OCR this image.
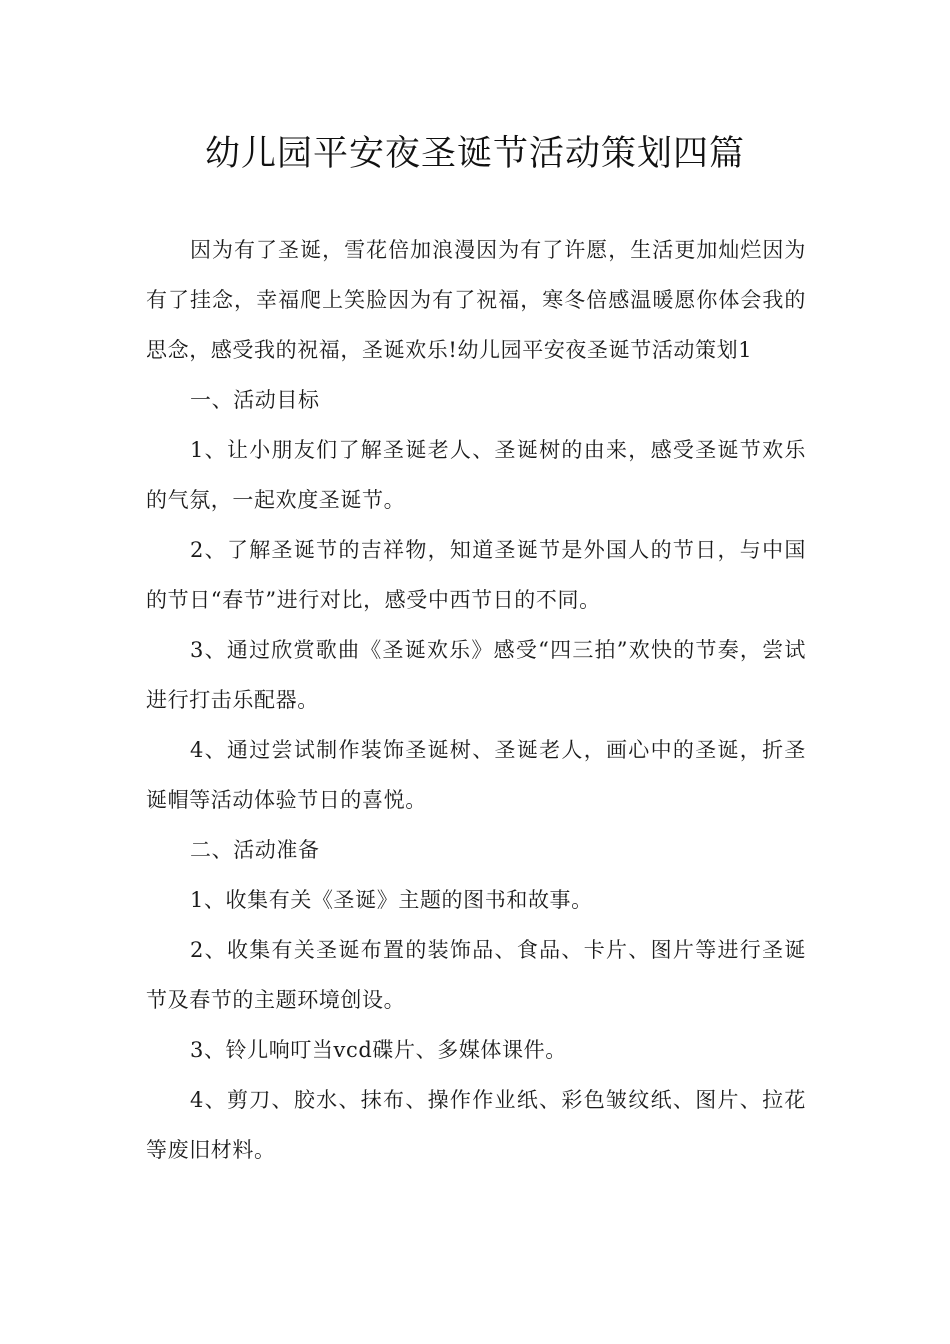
幼儿园平安夜圣诞节活动策划四篇

因为有了圣诞，雪花倍加浪漫因为有了许愿，生活更加灿烂因为有了挂念，幸福爬上笑脸因为有了祝福，寒冬倍感温暖愿你体会我的思念，感受我的祝福，圣诞欢乐!幼儿园平安夜圣诞节活动策划1

一、活动目标

1、让小朋友们了解圣诞老人、圣诞树的由来，感受圣诞节欢乐的气氛，一起欢度圣诞节。

2、了解圣诞节的吉祥物，知道圣诞节是外国人的节日，与中国的节日“春节”进行对比，感受中西节日的不同。

3、通过欣赏歌曲《圣诞欢乐》感受“四三拍”欢快的节奏，尝试进行打击乐配器。

4、通过尝试制作装饰圣诞树、圣诞老人，画心中的圣诞，折圣诞帽等活动体验节日的喜悦。

二、活动准备

1、收集有关《圣诞》主题的图书和故事。

2、收集有关圣诞布置的装饰品、食品、卡片、图片等进行圣诞节及春节的主题环境创设。

3、铃儿响叮当vcd碟片、多媒体课件。

4、剪刀、胶水、抹布、操作作业纸、彩色皱纹纸、图片、拉花等废旧材料。
